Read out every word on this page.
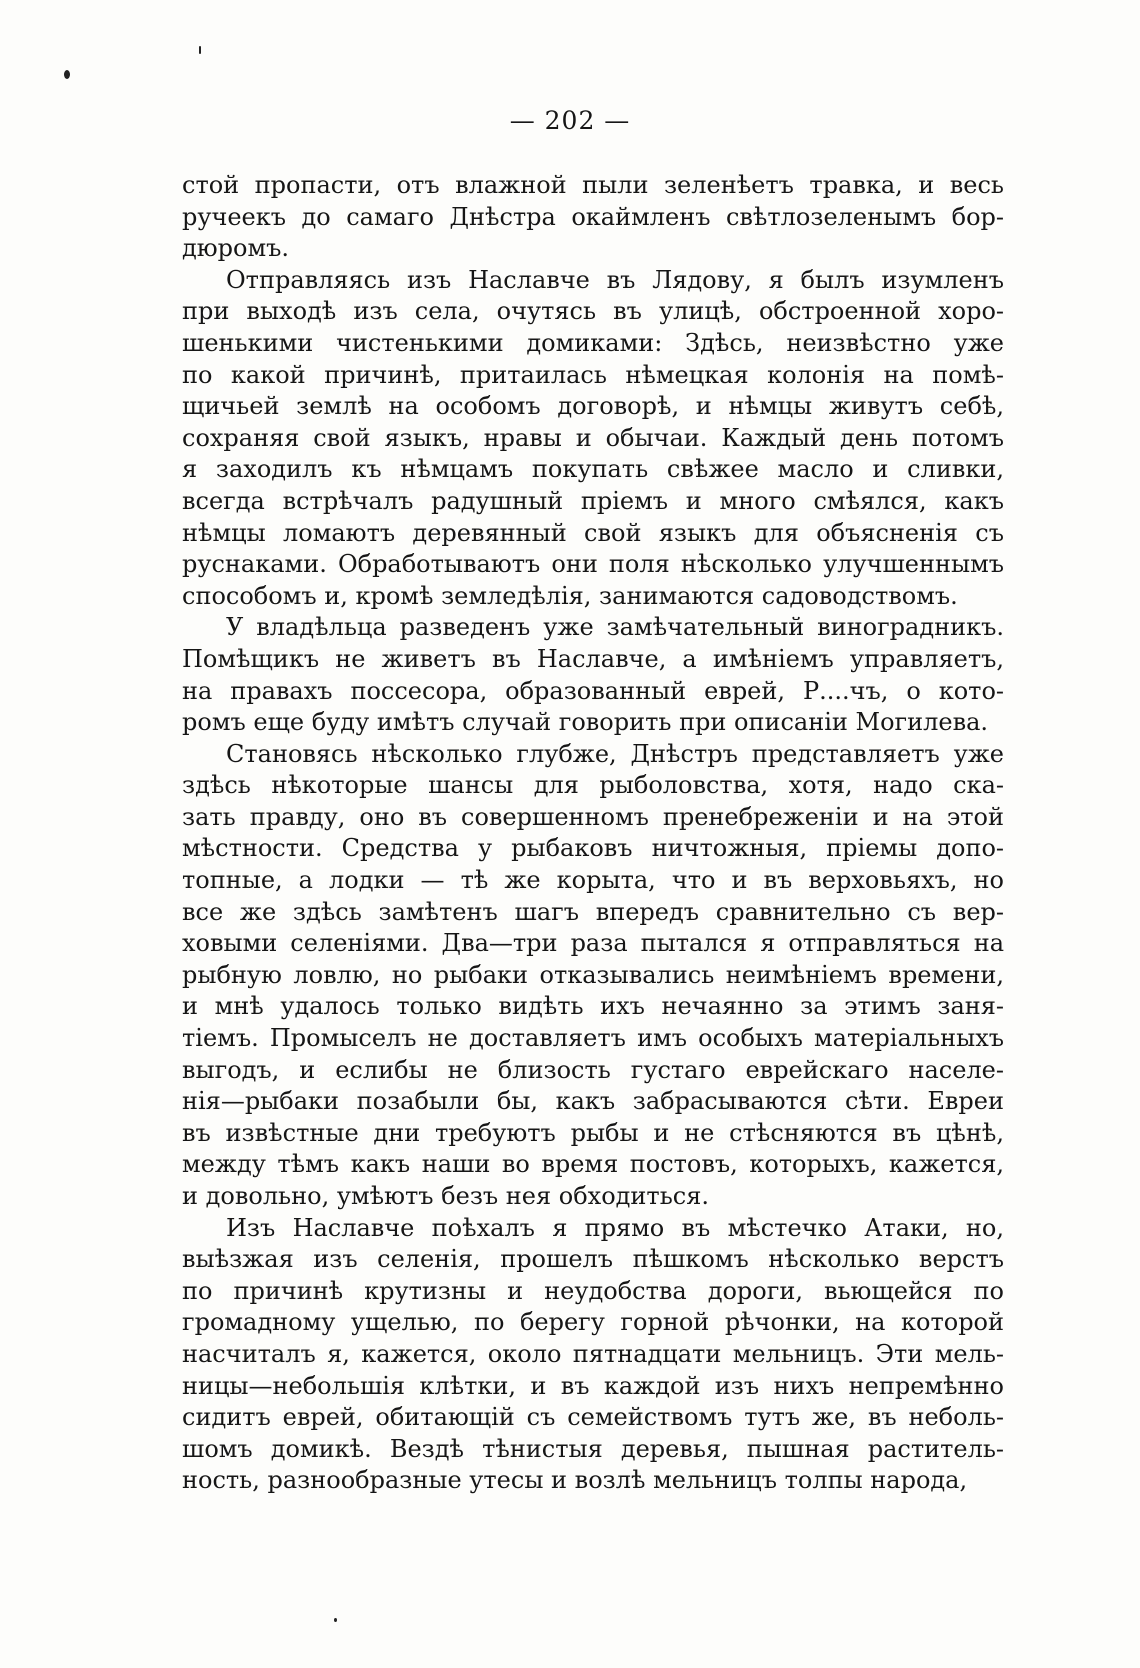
— 202 —
стой пропасти, отъ влажной пыли зеленѣетъ травка, и весь
ручеекъ до самаго Днѣстра окаймленъ свѣтлозеленымъ бор-
дюромъ.
Отправляясь изъ Наславче въ Лядову, я былъ изумленъ
при выходѣ изъ села, очутясь въ улицѣ, обстроенной хоро-
шенькими чистенькими домиками: Здѣсь, неизвѣстно уже
по какой причинѣ, притаилась нѣмецкая колонія на помѣ-
щичьей землѣ на особомъ договорѣ, и нѣмцы живутъ себѣ,
сохраняя свой языкъ, нравы и обычаи. Каждый день потомъ
я заходилъ къ нѣмцамъ покупать свѣжее масло и сливки,
всегда встрѣчалъ радушный пріемъ и много смѣялся, какъ
нѣмцы ломаютъ деревянный свой языкъ для объясненія съ
руснаками. Обработываютъ они поля нѣсколько улучшеннымъ
способомъ и, кромѣ земледѣлія, занимаются садоводствомъ.
У владѣльца разведенъ уже замѣчательный виноградникъ.
Помѣщикъ не живетъ въ Наславче, а имѣніемъ управляетъ,
на правахъ поссесора, образованный еврей, Р....чъ, о кото-
ромъ еще буду имѣтъ случай говорить при описаніи Могилева.
Становясь нѣсколько глубже, Днѣстръ представляетъ уже
здѣсь нѣкоторые шансы для рыболовства, хотя, надо ска-
зать правду, оно въ совершенномъ пренебреженіи и на этой
мѣстности. Средства у рыбаковъ ничтожныя, пріемы допо-
топные, а лодки — тѣ же корыта, что и въ верховьяхъ, но
все же здѣсь замѣтенъ шагъ впередъ сравнительно съ вер-
ховыми селеніями. Два—три раза пытался я отправляться на
рыбную ловлю, но рыбаки отказывались неимѣніемъ времени,
и мнѣ удалось только видѣть ихъ нечаянно за этимъ заня-
тіемъ. Промыселъ не доставляетъ имъ особыхъ матеріальныхъ
выгодъ, и еслибы не близость густаго еврейскаго населе-
нія—рыбаки позабыли бы, какъ забрасываются сѣти. Евреи
въ извѣстные дни требуютъ рыбы и не стѣсняются въ цѣнѣ,
между тѣмъ какъ наши во время постовъ, которыхъ, кажется,
и довольно, умѣютъ безъ нея обходиться.
Изъ Наславче поѣхалъ я прямо въ мѣстечко Атаки, но,
выѣзжая изъ селенія, прошелъ пѣшкомъ нѣсколько верстъ
по причинѣ крутизны и неудобства дороги, вьющейся по
громадному ущелью, по берегу горной рѣчонки, на которой
насчиталъ я, кажется, около пятнадцати мельницъ. Эти мель-
ницы—небольшія клѣтки, и въ каждой изъ нихъ непремѣнно
сидитъ еврей, обитающій съ семействомъ тутъ же, въ неболь-
шомъ домикѣ. Вездѣ тѣнистыя деревья, пышная раститель-
ность, разнообразные утесы и возлѣ мельницъ толпы народа,
